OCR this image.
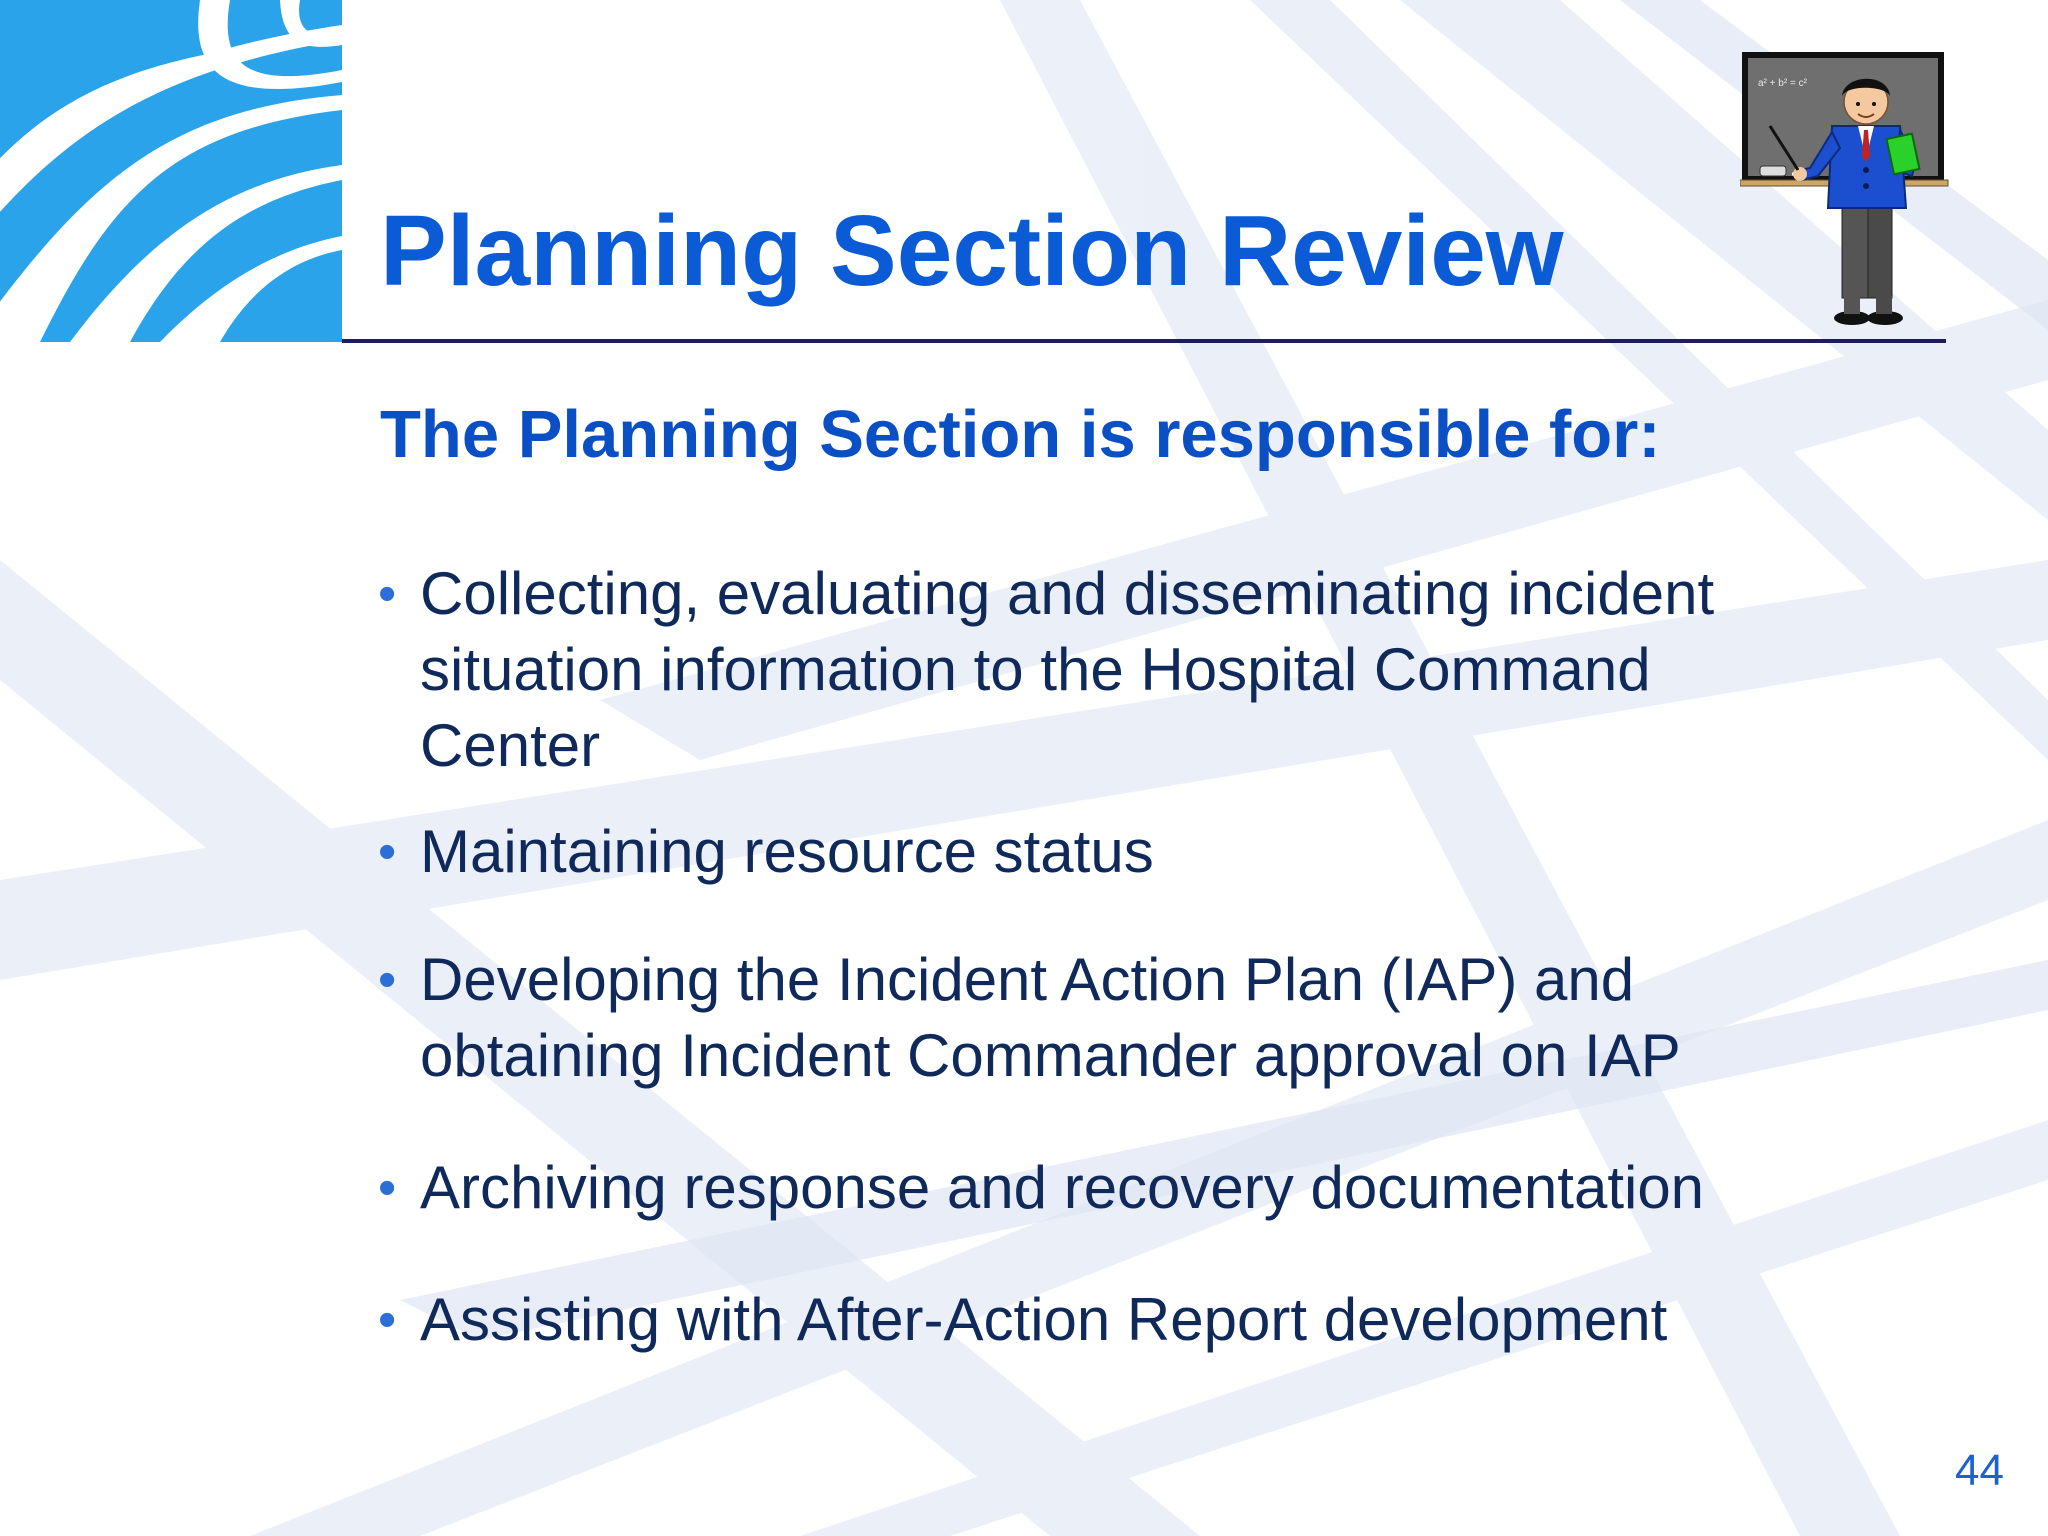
Planning Section Review
a² + b² = c²
The Planning Section is responsible for:
• Collecting, evaluating and disseminating incident situation information to the Hospital Command Center
• Maintaining resource status
• Developing the Incident Action Plan (IAP) and obtaining Incident Commander approval on IAP
• Archiving response and recovery documentation
• Assisting with After-Action Report development
44
